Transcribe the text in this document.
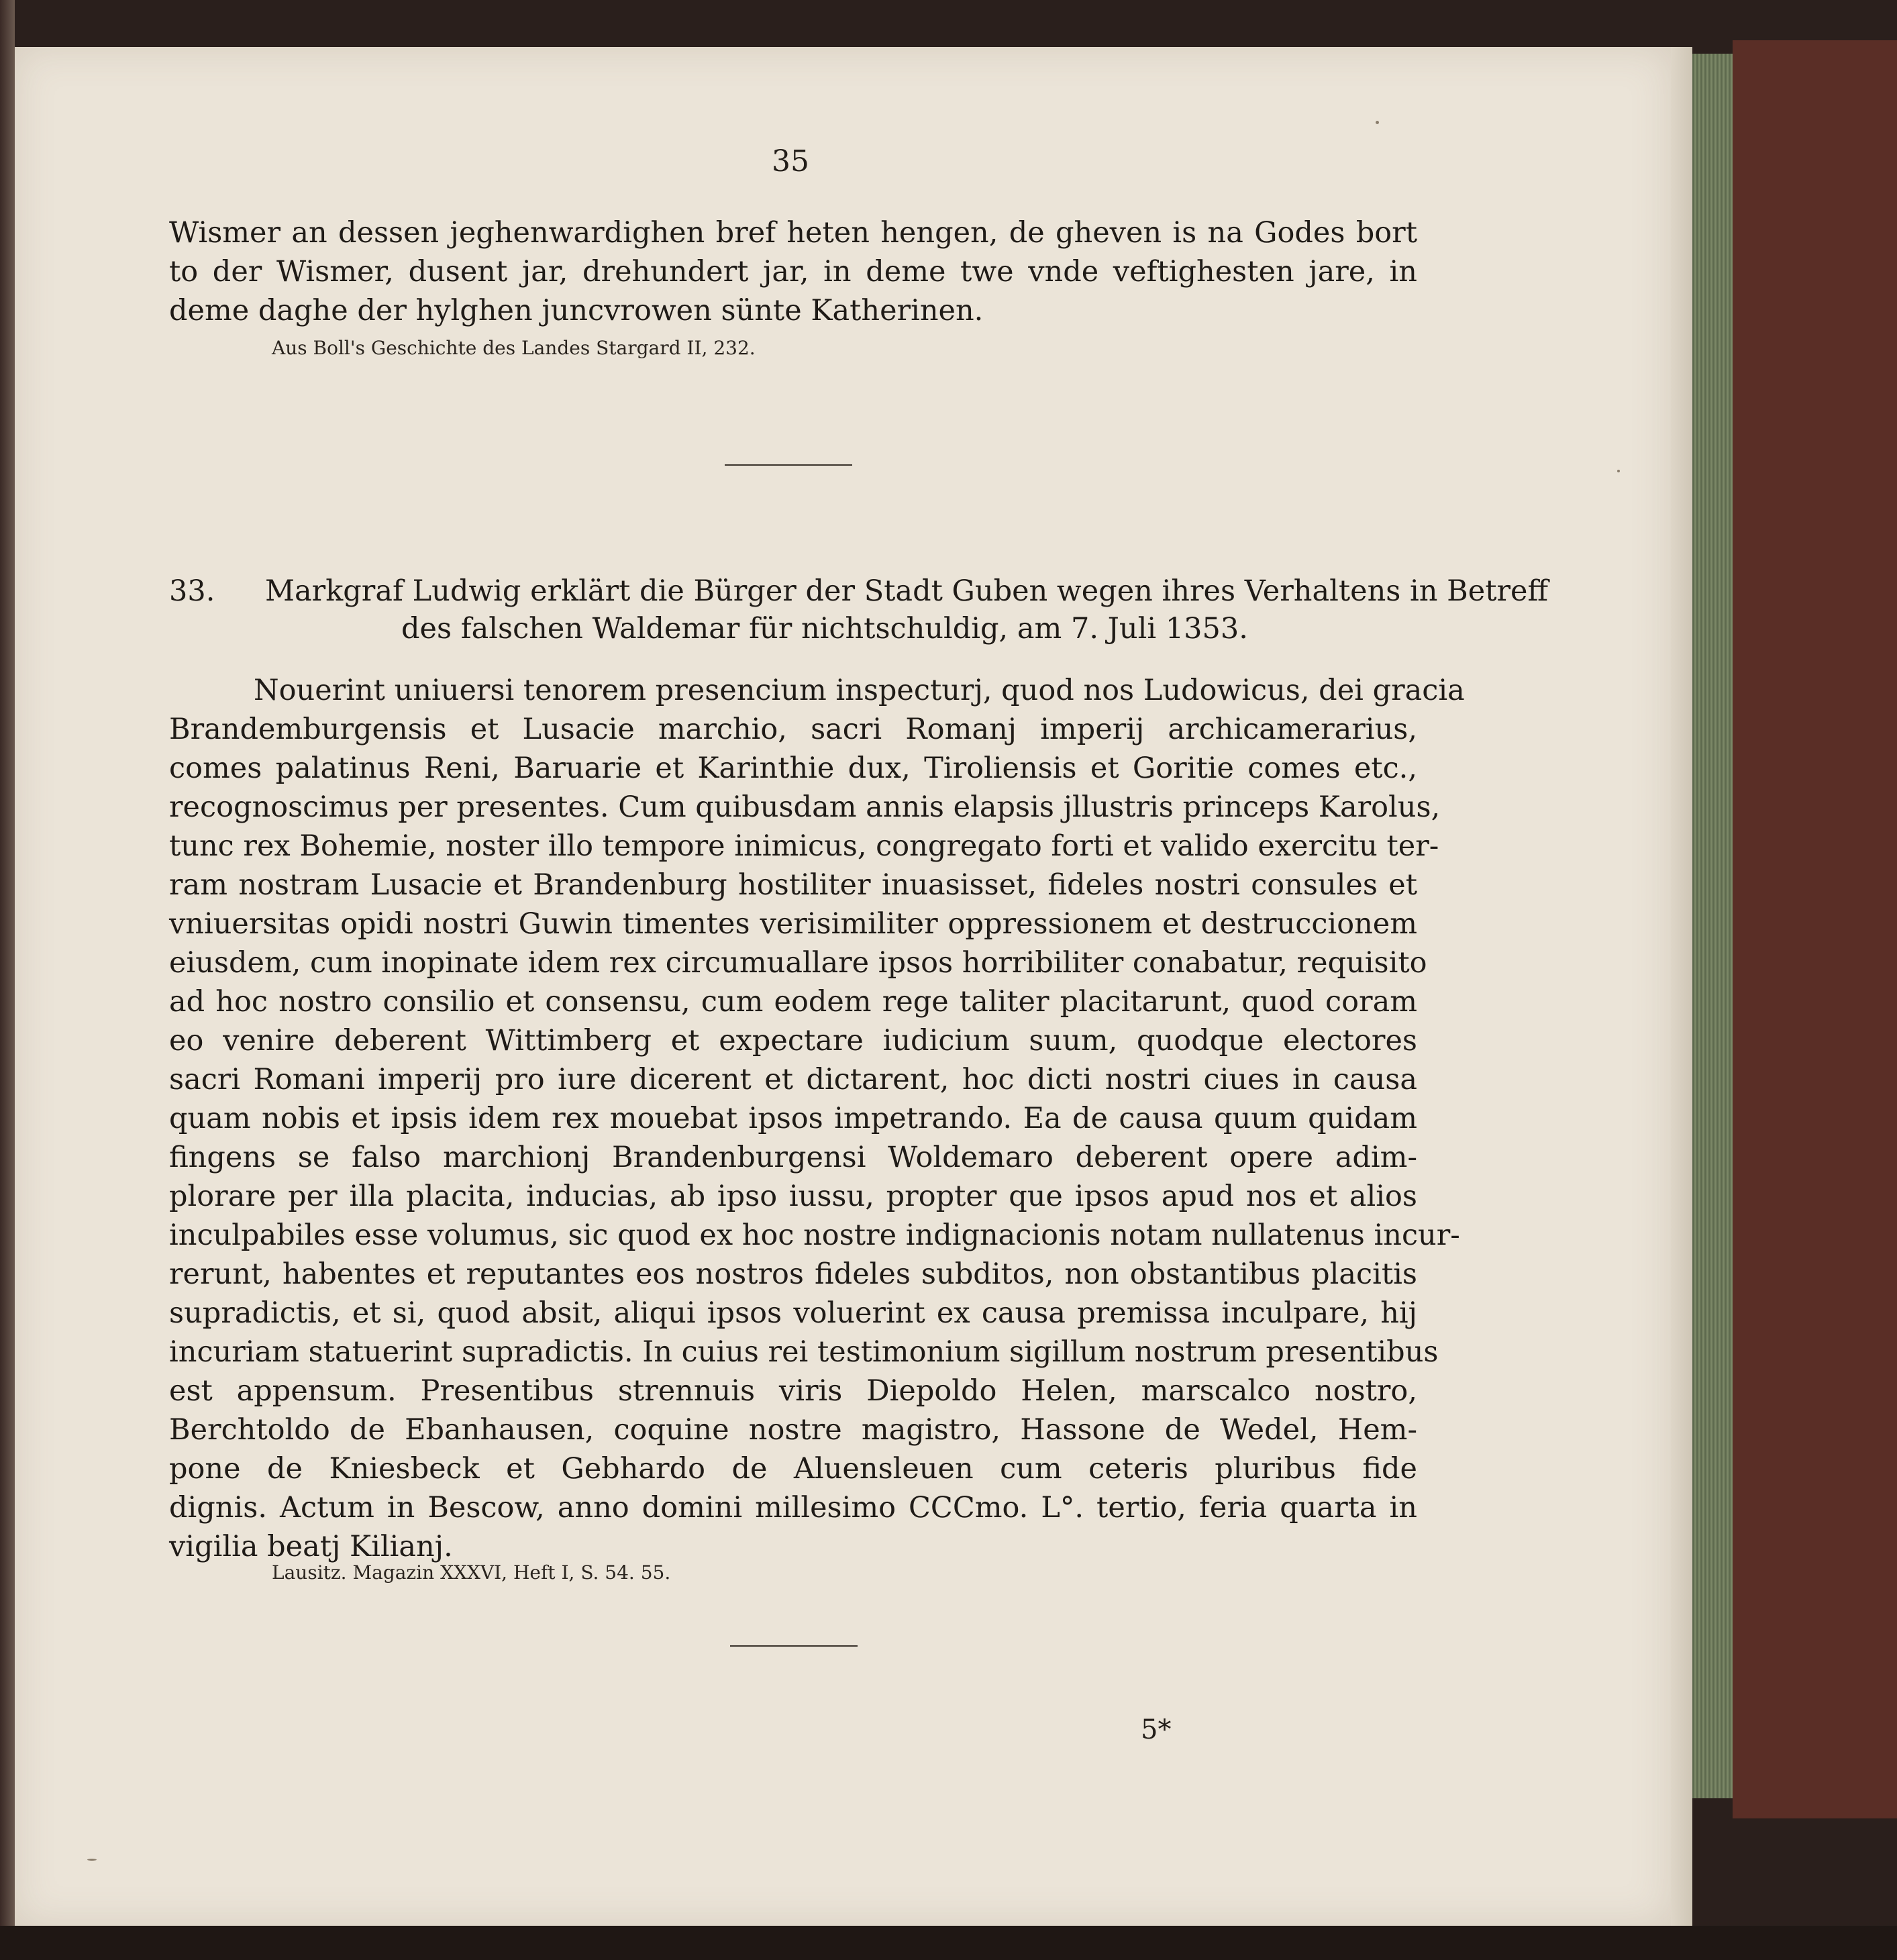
35
Wismer an dessen jeghenwardighen bref heten hengen, de gheven is na Godes bort
to der Wismer, dusent jar, drehundert jar, in deme twe vnde veftighesten jare, in
deme daghe der hylghen juncvrowen sünte Katherinen.
Aus Boll's Geschichte des Landes Stargard II, 232.
33. Markgraf Ludwig erklärt die Bürger der Stadt Guben wegen ihres Verhaltens in Betreff
des falschen Waldemar für nichtschuldig, am 7. Juli 1353.
Nouerint uniuersi tenorem presencium inspecturj, quod nos Ludowicus, dei gracia
Brandemburgensis et Lusacie marchio, sacri Romanj imperij archicamerarius,
comes palatinus Reni, Baruarie et Karinthie dux, Tiroliensis et Goritie comes etc.,
recognoscimus per presentes. Cum quibusdam annis elapsis jllustris princeps Karolus,
tunc rex Bohemie, noster illo tempore inimicus, congregato forti et valido exercitu ter-
ram nostram Lusacie et Brandenburg hostiliter inuasisset, fideles nostri consules et
vniuersitas opidi nostri Guwin timentes verisimiliter oppressionem et destruccionem
eiusdem, cum inopinate idem rex circumuallare ipsos horribiliter conabatur, requisito
ad hoc nostro consilio et consensu, cum eodem rege taliter placitarunt, quod coram
eo venire deberent Wittimberg et expectare iudicium suum, quodque electores
sacri Romani imperij pro iure dicerent et dictarent, hoc dicti nostri ciues in causa
quam nobis et ipsis idem rex mouebat ipsos impetrando. Ea de causa quum quidam
fingens se falso marchionj Brandenburgensi Woldemaro deberent opere adim-
plorare per illa placita, inducias, ab ipso iussu, propter que ipsos apud nos et alios
inculpabiles esse volumus, sic quod ex hoc nostre indignacionis notam nullatenus incur-
rerunt, habentes et reputantes eos nostros fideles subditos, non obstantibus placitis
supradictis, et si, quod absit, aliqui ipsos voluerint ex causa premissa inculpare, hij
incuriam statuerint supradictis. In cuius rei testimonium sigillum nostrum presentibus
est appensum. Presentibus strennuis viris Diepoldo Helen, marscalco nostro,
Berchtoldo de Ebanhausen, coquine nostre magistro, Hassone de Wedel, Hem-
pone de Kniesbeck et Gebhardo de Aluensleuen cum ceteris pluribus fide
dignis. Actum in Bescow, anno domini millesimo CCCmo. L°. tertio, feria quarta in
vigilia beatj Kilianj.
Lausitz. Magazin XXXVI, Heft I, S. 54. 55.
5*
